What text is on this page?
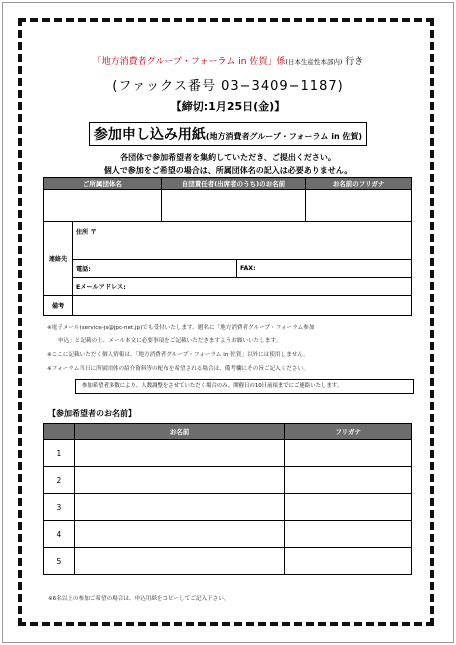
「地方消費者グループ・フォーラム in 佐賀」係(日本生産性本部内) 行き
(ファックス番号 03−3409−1187)
【締切:1月25日(金)】
参加申し込み用紙(地方消費者グループ・フォーラム in 佐賀)
各団体で参加希望者を集約していただき、ご提出ください。
個人で参加をご希望の場合は、所属団体名の記入は必要ありません。
ご所属団体名	自団責任者(出席者のうち)のお名前	お名前のフリガナ

連絡先	住所 〒	
	電話:	FAX:
	Eメールアドレス:	
備考		
※電子メール(service-js@jpc-net.jp)でも受付いたします。題名に「地方消費者グループ・フォーラム参加
申込」と記載の上、メール本文に必要事項をご記載いただきますようお願いいたします。
※ここに記載いただく個人情報は、「地方消費者グループ・フォーラム in 佐賀」以外には使用しません。
※フォーラム当日に所属団体の紹介資料等の配布を希望される場合は、備考欄にその旨ご記入ください。
参加希望者多数により、人数調整をさせていただく場合のみ、開催日の10日前頃までにご連絡いたします。
【参加希望者のお名前】
	お名前	フリガナ
1		
2		
3		
4		
5		
※6名以上の参加ご希望の場合は、申込用紙をコピーしてご記入下さい。
